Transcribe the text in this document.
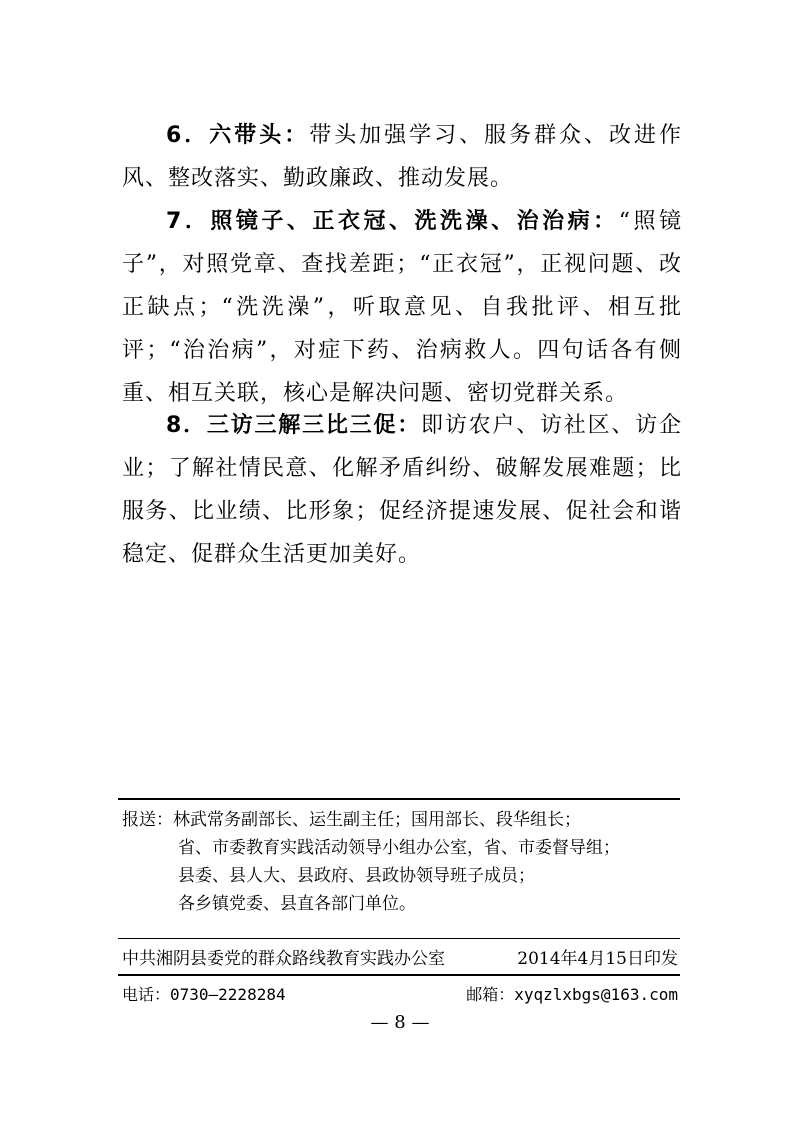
6．六带头：带头加强学习、服务群众、改进作风、整改落实、勤政廉政、推动发展。

7．照镜子、正衣冠、洗洗澡、治治病：“照镜子”，对照党章、查找差距；“正衣冠”，正视问题、改正缺点；“洗洗澡”，听取意见、自我批评、相互批评；“治治病”，对症下药、治病救人。四句话各有侧重、相互关联，核心是解决问题、密切党群关系。

8．三访三解三比三促：即访农户、访社区、访企业；了解社情民意、化解矛盾纠纷、破解发展难题；比服务、比业绩、比形象；促经济提速发展、促社会和谐稳定、促群众生活更加美好。

报送：林武常务副部长、运生副主任；国用部长、段华组长；
省、市委教育实践活动领导小组办公室，省、市委督导组；
县委、县人大、县政府、县政协领导班子成员；
各乡镇党委、县直各部门单位。
中共湘阴县委党的群众路线教育实践办公室	2014年4月15日印发
电话：0730—2228284	邮箱：xyqzlxbgs@163.com
— 8 —
